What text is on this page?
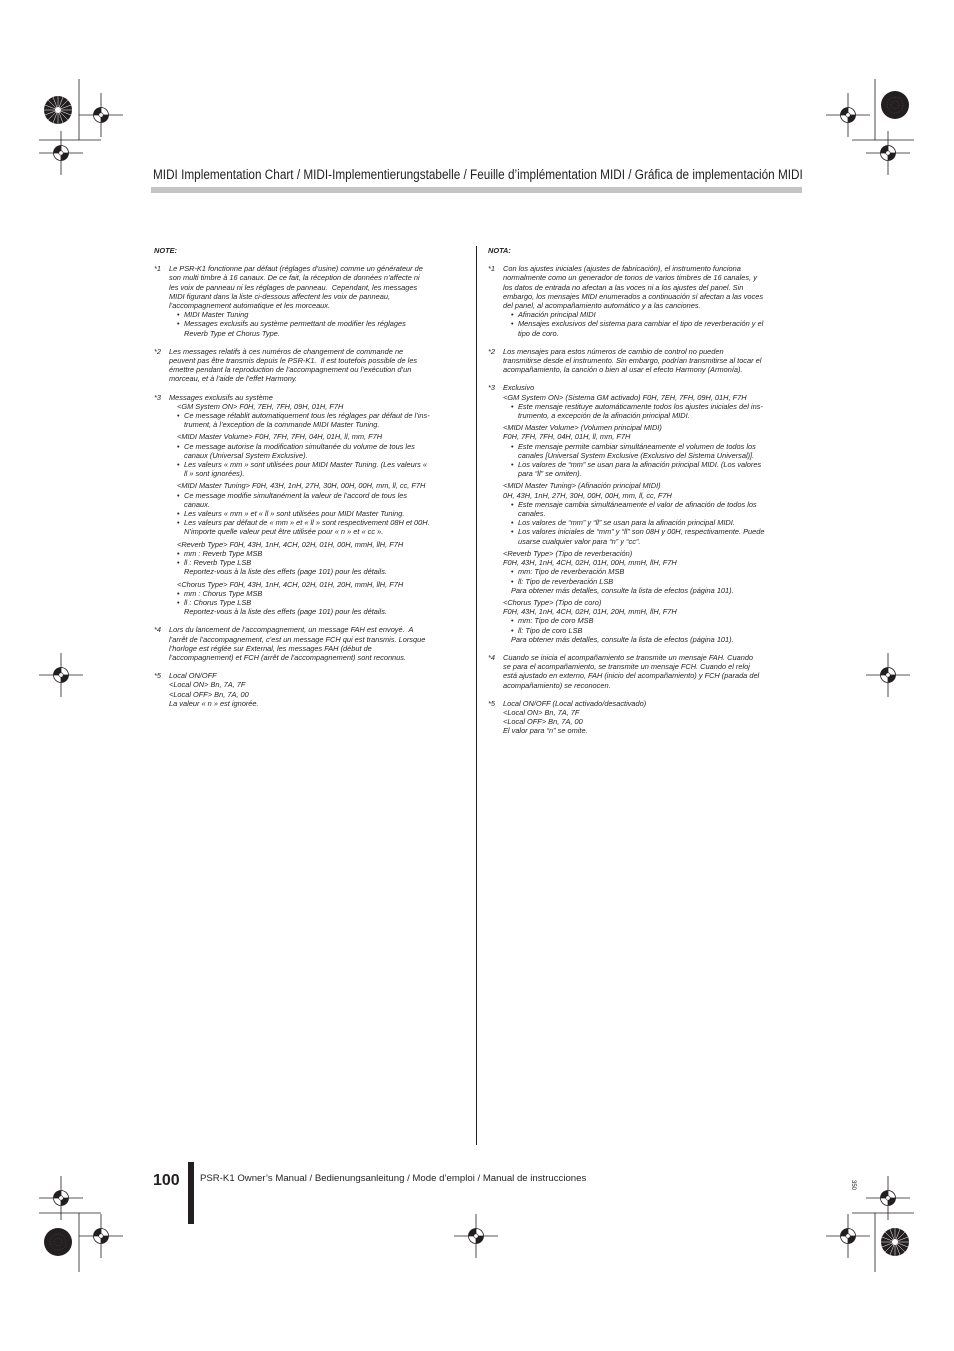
MIDI Implementation Chart / MIDI-Implementierungstabelle / Feuille d’implémentation MIDI / Gráfica de implementación MIDI
NOTE:
*1 Le PSR-K1 fonctionne par défaut (réglages d’usine) comme un générateur de
son multi timbre à 16 canaux. De ce fait, la réception de données n’affecte ni
les voix de panneau ni les réglages de panneau.  Cependant, les messages
MIDI figurant dans la liste ci-dessous affectent les voix de panneau,
l’accompagnement automatique et les morceaux.
• MIDI Master Tuning
• Messages exclusifs au système permettant de modifier les réglages
Reverb Type et Chorus Type.
*2 Les messages relatifs à ces numéros de changement de commande ne
peuvent pas être transmis depuis le PSR-K1.  Il est toutefois possible de les
émettre pendant la reproduction de l’accompagnement ou l’exécution d’un
morceau, et à l’aide de l’effet Harmony.
*3 Messages exclusifs au système
<GM System ON> F0H, 7EH, 7FH, 09H, 01H, F7H
• Ce message rétablit automatiquement tous les réglages par défaut de l’ins-
trument, à l’exception de la commande MIDI Master Tuning.
<MIDI Master Volume> F0H, 7FH, 7FH, 04H, 01H, ll, mm, F7H
• Ce message autorise la modification simultanée du volume de tous les
canaux (Universal System Exclusive).
• Les valeurs « mm » sont utilisées pour MIDI Master Tuning. (Les valeurs «
ll » sont ignorées).
<MIDI Master Tuning> F0H, 43H, 1nH, 27H, 30H, 00H, 00H, mm, ll, cc, F7H
• Ce message modifie simultanément la valeur de l’accord de tous les
canaux.
• Les valeurs « mm » et « ll » sont utilisées pour MIDI Master Tuning.
• Les valeurs par défaut de « mm » et « ll » sont respectivement 08H et 00H.
N’importe quelle valeur peut être utilisée pour « n » et « cc ».
<Reverb Type> F0H, 43H, 1nH, 4CH, 02H, 01H, 00H, mmH, llH, F7H
• mm : Reverb Type MSB
• ll : Reverb Type LSB
Reportez-vous à la liste des effets (page 101) pour les détails.
<Chorus Type> F0H, 43H, 1nH, 4CH, 02H, 01H, 20H, mmH, llH, F7H
• mm : Chorus Type MSB
• ll : Chorus Type LSB
Reportez-vous à la liste des effets (page 101) pour les détails.
*4 Lors du lancement de l’accompagnement, un message FAH est envoyé.  A
l’arrêt de l’accompagnement, c’est un message FCH qui est transmis. Lorsque
l’horloge est réglée sur External, les messages FAH (début de
l’accompagnement) et FCH (arrêt de l’accompagnement) sont reconnus.
*5 Local ON/OFF
<Local ON> Bn, 7A, 7F
<Local OFF> Bn, 7A, 00
La valeur « n » est ignorée.
NOTA:
*1 Con los ajustes iniciales (ajustes de fabricación), el instrumento funciona
normalmente como un generador de tonos de varios timbres de 16 canales, y
los datos de entrada no afectan a las voces ni a los ajustes del panel. Sin
embargo, los mensajes MIDI enumerados a continuación sí afectan a las voces
del panel, al acompañamiento automático y a las canciones.
• Afinación principal MIDI
• Mensajes exclusivos del sistema para cambiar el tipo de reverberación y el
tipo de coro.
*2 Los mensajes para estos números de cambio de control no pueden
transmitirse desde el instrumento. Sin embargo, podrían transmitirse al tocar el
acompañamiento, la canción o bien al usar el efecto Harmony (Armonía).
*3 Exclusivo
<GM System ON> (Sistema GM activado) F0H, 7EH, 7FH, 09H, 01H, F7H
• Este mensaje restituye automáticamente todos los ajustes iniciales del ins-
trumento, a excepción de la afinación principal MIDI.
<MIDI Master Volume> (Volumen principal MIDI)
F0H, 7FH, 7FH, 04H, 01H, ll, mm, F7H
• Este mensaje permite cambiar simultáneamente el volumen de todos los
canales [Universal System Exclusive (Exclusivo del Sistema Universal)].
• Los valores de “mm” se usan para la afinación principal MIDI. (Los valores
para “ll” se omiten).
<MIDI Master Tuning> (Afinación principal MIDI)
0H, 43H, 1nH, 27H, 30H, 00H, 00H, mm, ll, cc, F7H
• Este mensaje cambia simultáneamente el valor de afinación de todos los
canales.
• Los valores de “mm” y “ll” se usan para la afinación principal MIDI.
• Los valores iniciales de “mm” y “ll” son 08H y 00H, respectivamente. Puede
usarse cualquier valor para “n” y “cc”.
<Reverb Type> (Tipo de reverberación)
F0H, 43H, 1nH, 4CH, 02H, 01H, 00H, mmH, llH, F7H
• mm: Tipo de reverberación MSB
• ll: Tipo de reverberación LSB
Para obtener más detalles, consulte la lista de efectos (página 101).
<Chorus Type> (Tipo de coro)
F0H, 43H, 1nH, 4CH, 02H, 01H, 20H, mmH, llH, F7H
• mm: Tipo de coro MSB
• ll: Tipo de coro LSB
Para obtener más detalles, consulte la lista de efectos (página 101).
*4 Cuando se inicia el acompañamiento se transmite un mensaje FAH. Cuando
se para el acompañamiento, se transmite un mensaje FCH. Cuando el reloj
está ajustado en externo, FAH (inicio del acompañamiento) y FCH (parada del
acompañamiento) se reconocen.
*5 Local ON/OFF (Local activado/desactivado)
<Local ON> Bn, 7A, 7F
<Local OFF> Bn, 7A, 00
El valor para “n” se omite.
100 PSR-K1 Owner’s Manual / Bedienungsanleitung / Mode d’emploi / Manual de instrucciones
350
